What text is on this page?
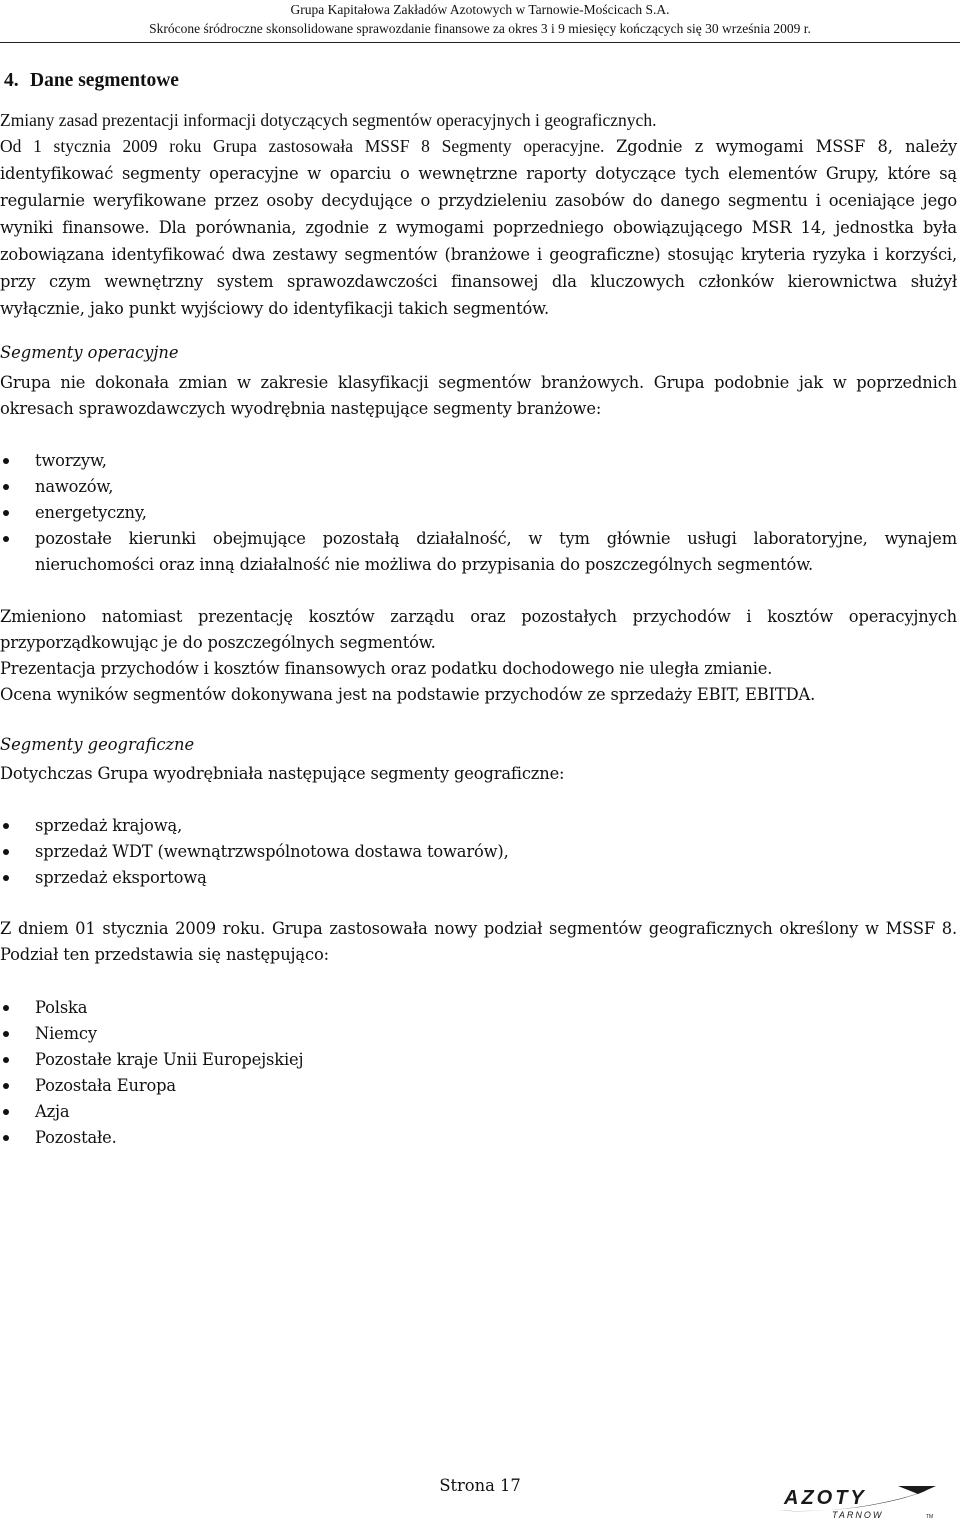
Grupa Kapitałowa Zakładów Azotowych w Tarnowie-Mościcach S.A.
Skrócone śródroczne skonsolidowane sprawozdanie finansowe za okres 3 i 9 miesięcy kończących się 30 września 2009 r.
4. Dane segmentowe

Zmiany zasad prezentacji informacji dotyczących segmentów operacyjnych i geograficznych.

Od 1 stycznia 2009 roku Grupa zastosowała MSSF 8 Segmenty operacyjne. Zgodnie z wymogami MSSF 8, należy identyfikować segmenty operacyjne w oparciu o wewnętrzne raporty dotyczące tych elementów Grupy, które są regularnie weryfikowane przez osoby decydujące o przydzieleniu zasobów do danego segmentu i oceniające jego wyniki finansowe. Dla porównania, zgodnie z wymogami poprzedniego obowiązującego MSR 14, jednostka była zobowiązana identyfikować dwa zestawy segmentów (branżowe i geograficzne) stosując kryteria ryzyka i korzyści, przy czym wewnętrzny system sprawozdawczości finansowej dla kluczowych członków kierownictwa służył wyłącznie, jako punkt wyjściowy do identyfikacji takich segmentów.

Segmenty operacyjne

Grupa nie dokonała zmian w zakresie klasyfikacji segmentów branżowych. Grupa podobnie jak w poprzednich okresach sprawozdawczych wyodrębnia następujące segmenty branżowe:

tworzyw,
nawozów,
energetyczny,
pozostałe kierunki obejmujące pozostałą działalność, w tym głównie usługi laboratoryjne, wynajem nieruchomości oraz inną działalność nie możliwa do przypisania do poszczególnych segmentów.

Zmieniono natomiast prezentację kosztów zarządu oraz pozostałych przychodów i kosztów operacyjnych przyporządkowując je do poszczególnych segmentów.

Prezentacja przychodów i kosztów finansowych oraz podatku dochodowego nie uległa zmianie.

Ocena wyników segmentów dokonywana jest na podstawie przychodów ze sprzedaży EBIT, EBITDA.

Segmenty geograficzne

Dotychczas Grupa wyodrębniała następujące segmenty geograficzne:

sprzedaż krajową,
sprzedaż WDT (wewnątrzwspólnotowa dostawa towarów),
sprzedaż eksportową

Z dniem 01 stycznia 2009 roku. Grupa zastosowała nowy podział segmentów geograficznych określony w MSSF 8. Podział ten przedstawia się następująco:

Polska
Niemcy
Pozostałe kraje Unii Europejskiej
Pozostała Europa
Azja
Pozostałe.
Strona 17
AZOTY
TARNOW	TM
